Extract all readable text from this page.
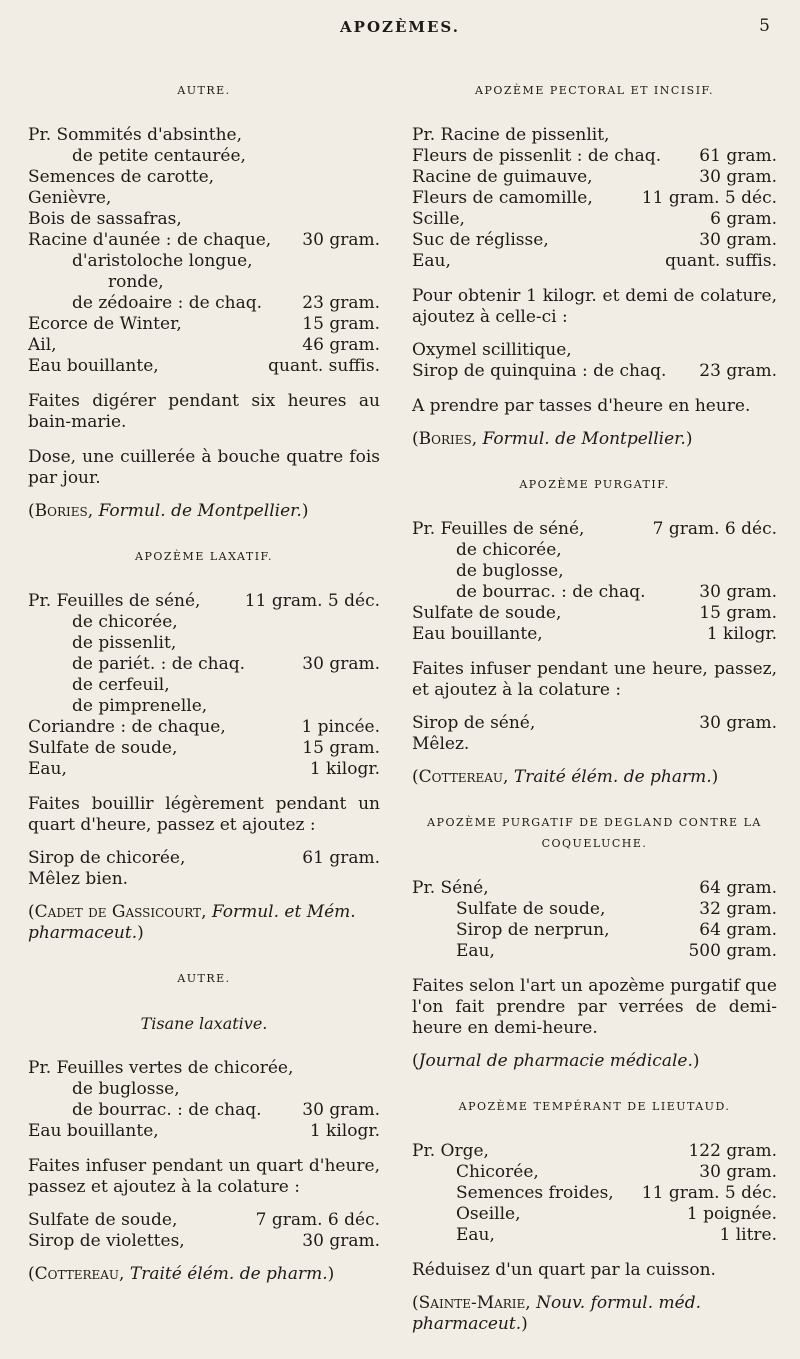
APOZÈMES.	5
AUTRE.
Pr. Sommités d'absinthe,
de petite centaurée,
Semences de carotte,
Genièvre,
Bois de sassafras,
Racine d'aunée : de chaque, 30 gram.
d'aristoloche longue,
ronde,
de zédoaire : de chaq. 23 gram.
Ecorce de Winter,	15 gram.
Ail,	46 gram.
Eau bouillante,	quant. suffis.

Faites digérer pendant six heures au bain-marie.

Dose, une cuillerée à bouche quatre fois par jour.

(Bories, Formul. de Montpellier.)
APOZÈME LAXATIF.
Pr. Feuilles de séné,	11 gram. 5 déc.
de chicorée,
de pissenlit,
de pariét. : de chaq.	30 gram.
de cerfeuil,
de pimprenelle,
Coriandre : de chaque,	1 pincée.
Sulfate de soude,	15 gram.
Eau,	1 kilogr.

Faites bouillir légèrement pendant un quart d'heure, passez et ajoutez :

Sirop de chicorée,	61 gram.
Mêlez bien.
(Cadet de Gassicourt, Formul. et Mém. pharmaceut.)
AUTRE.
Tisane laxative.
Pr. Feuilles vertes de chicorée,
de buglosse,
de bourrac. : de chaq. 30 gram.
Eau bouillante,	1 kilogr.

Faites infuser pendant un quart d'heure, passez et ajoutez à la colature :

Sulfate de soude,	7 gram. 6 déc.
Sirop de violettes,	30 gram.
(Cottereau, Traité élém. de pharm.)
APOZÈME PECTORAL ET INCISIF.
Pr. Racine de pissenlit,
Fleurs de pissenlit : de chaq. 61 gram.
Racine de guimauve,	30 gram.
Fleurs de camomille,	11 gram. 5 déc.
Scille,	6 gram.
Suc de réglisse,	30 gram.
Eau,	quant. suffis.

Pour obtenir 1 kilogr. et demi de colature, ajoutez à celle-ci :

Oxymel scillitique,
Sirop de quinquina : de chaq. 23 gram.

A prendre par tasses d'heure en heure.

(Bories, Formul. de Montpellier.)
APOZÈME PURGATIF.
Pr. Feuilles de séné,	7 gram. 6 déc.
de chicorée,
de buglosse,
de bourrac. : de chaq.	30 gram.
Sulfate de soude,	15 gram.
Eau bouillante,	1 kilogr.

Faites infuser pendant une heure, passez, et ajoutez à la colature :

Sirop de séné,	30 gram.
Mêlez.
(Cottereau, Traité élém. de pharm.)
APOZÈME PURGATIF DE DEGLAND CONTRE LA COQUELUCHE.
Pr. Séné,	64 gram.
Sulfate de soude,	32 gram.
Sirop de nerprun,	64 gram.
Eau,	500 gram.

Faites selon l'art un apozème purgatif que l'on fait prendre par verrées de demi-heure en demi-heure.

(Journal de pharmacie médicale.)
APOZÈME TEMPÉRANT DE LIEUTAUD.
Pr. Orge,	122 gram.
Chicorée,	30 gram.
Semences froides, 11 gram. 5 déc.
Oseille,	1 poignée.
Eau,	1 litre.

Réduisez d'un quart par la cuisson.

(Sainte-Marie, Nouv. formul. méd. pharmaceut.)
